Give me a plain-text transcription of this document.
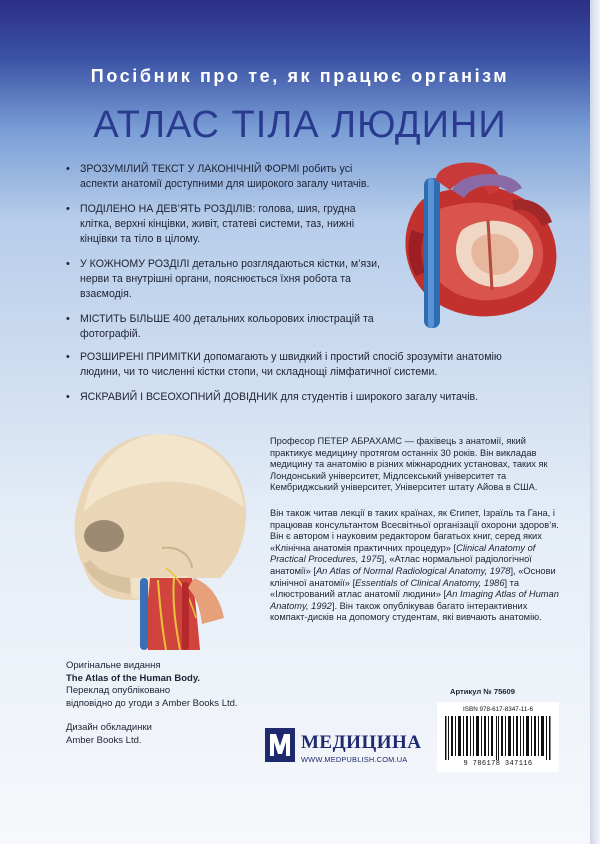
Посібник про те, як працює організм
АТЛАС ТІЛА ЛЮДИНИ
• ЗРОЗУМІЛИЙ ТЕКСТ У ЛАКОНІЧНІЙ ФОРМІ робить усі аспекти анатомії доступними для широкого загалу читачів.
• ПОДІЛЕНО НА ДЕВ’ЯТЬ РОЗДІЛІВ: голова, шия, грудна клітка, верхні кінцівки, живіт, статеві системи, таз, нижні кінцівки та тіло в цілому.
• У КОЖНОМУ РОЗДІЛІ детально розглядаються кістки, м’язи, нерви та внутрішні органи, пояснюється їхня робота та взаємодія.
• МІСТИТЬ БІЛЬШЕ 400 детальних кольорових ілюстрацій та фотографій.
• РОЗШИРЕНІ ПРИМІТКИ допомагають у швидкий і простий спосіб зрозуміти анатомію людини, чи то численні кістки стопи, чи складнощі лімфатичної системи.
• ЯСКРАВИЙ І ВСЕОХОПНИЙ ДОВІДНИК для студентів і широкого загалу читачів.
Професор ПЕТЕР АБРАХАМС — фахівець з анатомії, який практикує медицину протягом останніх 30 років. Він викладав медицину та анатомію в різних міжнародних установах, таких як Лондонський університет, Мідлсекський університет та Кембриджський університет, Університет штату Айова в США.
Він також читав лекції в таких країнах, як Єгипет, Ізраїль та Гана, і працював консультантом Всесвітньої організації охорони здоров’я. Він є автором і науковим редактором багатьох книг, серед яких «Клінічна анатомія практичних процедур» [Clinical Anatomy of Practical Procedures, 1975], «Атлас нормальної радіологічної анатомії» [An Atlas of Normal Radiological Anatomy, 1978], «Основи клінічної анатомії» [Essentials of Clinical Anatomy, 1986] та «Ілюстрований атлас анатомії людини» [An Imaging Atlas of Human Anatomy, 1992]. Він також опублікував багато інтерактивних компакт-дисків на допомогу студентам, які вивчають анатомію.
Оригінальне видання
The Atlas of the Human Body.
Переклад опубліковано
відповідно до угоди з Amber Books Ltd.
Дизайн обкладинки
Amber Books Ltd.	МЕДИЦИНА
WWW.MEDPUBLISH.COM.UA
Артикул № 75609
ISBN 978-617-8347-11-6
9 786178 347116
